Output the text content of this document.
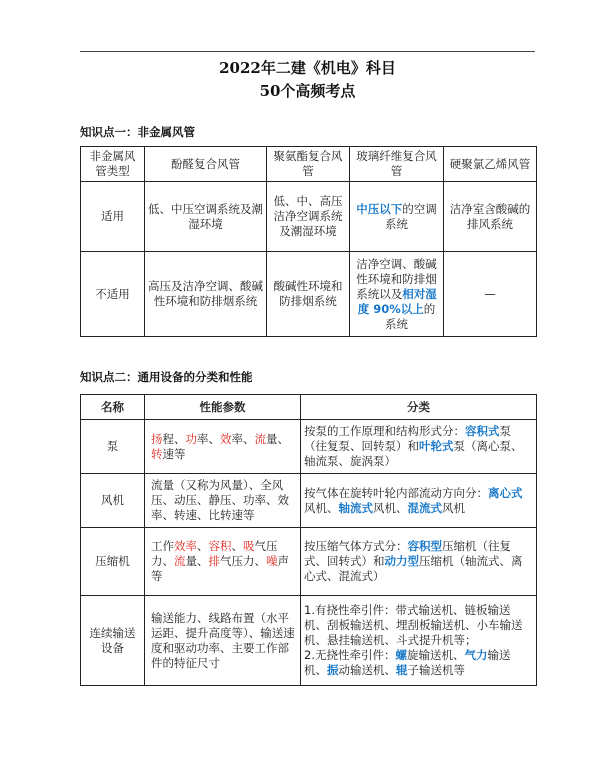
2022年二建《机电》科目
50个高频考点
知识点一：非金属风管
非金属风管类型	酚醛复合风管	聚氨酯复合风管	玻璃纤维复合风管	硬聚氯乙烯风管
适用	低、中压空调系统及潮湿环境	低、中、高压洁净空调系统及潮湿环境	中压以下的空调系统	洁净室含酸碱的排风系统
不适用	高压及洁净空调、酸碱性环境和防排烟系统	酸碱性环境和防排烟系统	洁净空调、酸碱性环境和防排烟系统以及相对湿度 90%以上的系统	—
知识点二：通用设备的分类和性能
名称	性能参数	分类
泵	扬程、功率、效率、流量、转速等	按泵的工作原理和结构形式分：容积式泵（往复泵、回转泵）和叶轮式泵（离心泵、轴流泵、旋涡泵）
风机	流量（又称为风量）、全风压、动压、静压、功率、效率、转速、比转速等	按气体在旋转叶轮内部流动方向分：离心式风机、轴流式风机、混流式风机
压缩机	工作效率、容积、吸气压力、流量、排气压力、噪声等	按压缩气体方式分：容积型压缩机（往复式、回转式）和动力型压缩机（轴流式、离心式、混流式）
连续输送设备	输送能力、线路布置（水平运距、提升高度等）、输送速度和驱动功率、主要工作部件的特征尺寸	1.有挠性牵引件：带式输送机、链板输送机、刮板输送机、埋刮板输送机、小车输送机、悬挂输送机、斗式提升机等；
2.无挠性牵引件：螺旋输送机、气力输送机、振动输送机、辊子输送机等
